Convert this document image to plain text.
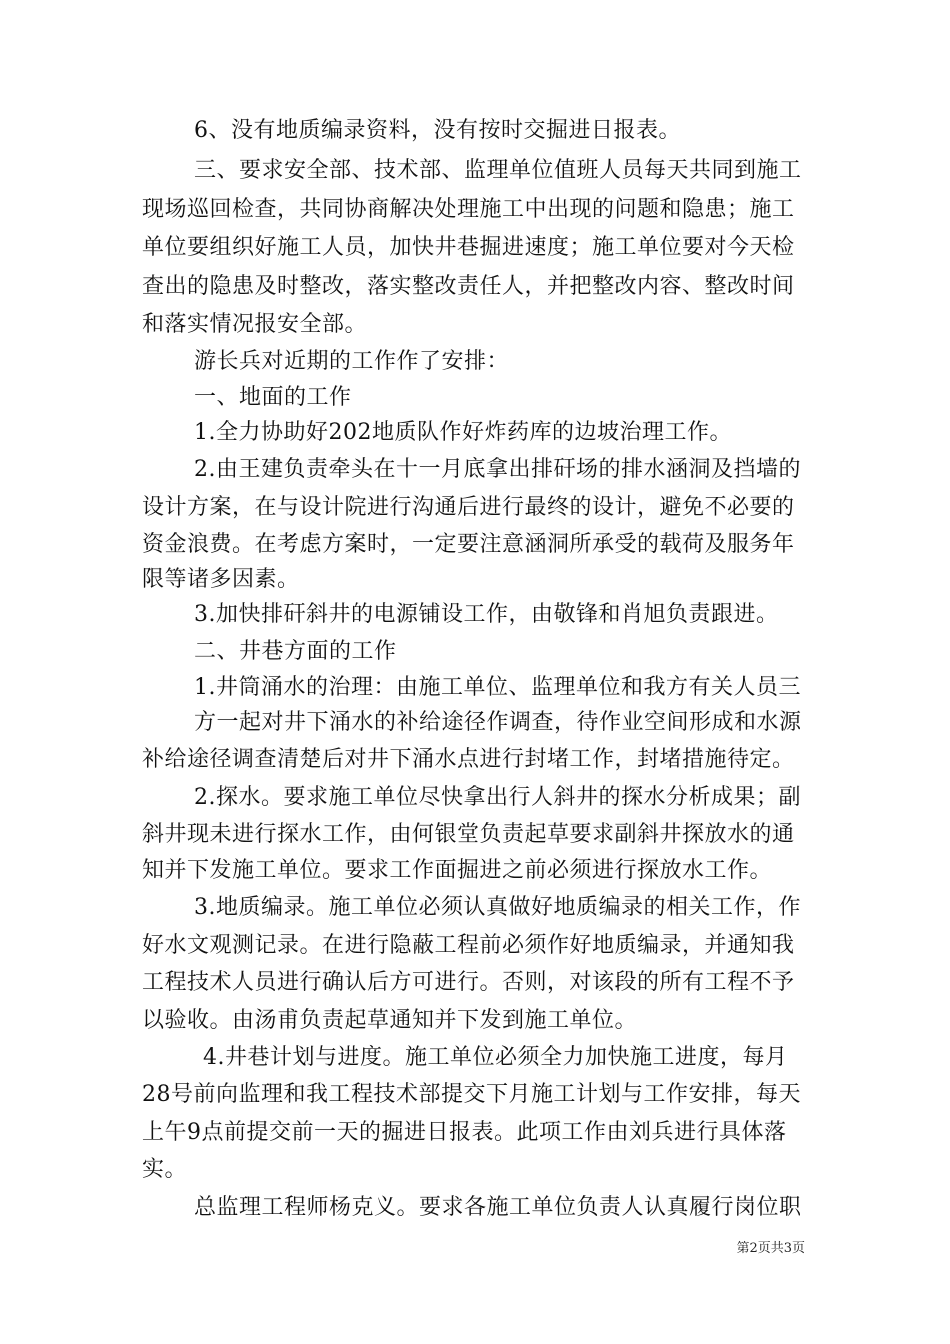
6、没有地质编录资料，没有按时交掘进日报表。
三、要求安全部、技术部、监理单位值班人员每天共同到施工
现场巡回检查，共同协商解决处理施工中出现的问题和隐患；施工
单位要组织好施工人员，加快井巷掘进速度；施工单位要对今天检
查出的隐患及时整改，落实整改责任人，并把整改内容、整改时间
和落实情况报安全部。
游长兵对近期的工作作了安排：
一、地面的工作
1.全力协助好202地质队作好炸药库的边坡治理工作。
2.由王建负责牵头在十一月底拿出排矸场的排水涵洞及挡墙的
设计方案，在与设计院进行沟通后进行最终的设计，避免不必要的
资金浪费。在考虑方案时，一定要注意涵洞所承受的载荷及服务年
限等诸多因素。
3.加快排矸斜井的电源铺设工作，由敬锋和肖旭负责跟进。
二、井巷方面的工作
1.井筒涌水的治理：由施工单位、监理单位和我方有关人员三
方一起对井下涌水的补给途径作调查，待作业空间形成和水源
补给途径调查清楚后对井下涌水点进行封堵工作，封堵措施待定。
2.探水。要求施工单位尽快拿出行人斜井的探水分析成果；副
斜井现未进行探水工作，由何银堂负责起草要求副斜井探放水的通
知并下发施工单位。要求工作面掘进之前必须进行探放水工作。
3.地质编录。施工单位必须认真做好地质编录的相关工作，作
好水文观测记录。在进行隐蔽工程前必须作好地质编录，并通知我
工程技术人员进行确认后方可进行。否则，对该段的所有工程不予
以验收。由汤甫负责起草通知并下发到施工单位。
4.井巷计划与进度。施工单位必须全力加快施工进度，每月
28号前向监理和我工程技术部提交下月施工计划与工作安排，每天
上午9点前提交前一天的掘进日报表。此项工作由刘兵进行具体落
实。
总监理工程师杨克义。要求各施工单位负责人认真履行岗位职
第2页共3页
